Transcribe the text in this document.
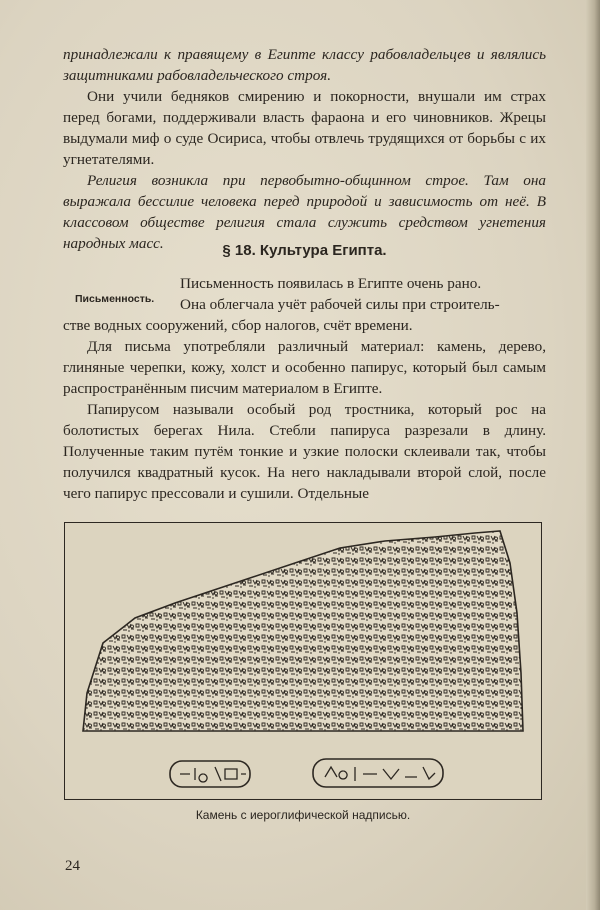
принадлежали к правящему в Египте классу рабовладельцев и являлись защитниками рабовладельческого строя.

Они учили бедняков смирению и покорности, внушали им страх перед богами, поддерживали власть фараона и его чиновников. Жрецы выдумали миф о суде Осириса, чтобы отвлечь трудящихся от борьбы с их угнетателями.

Религия возникла при первобытно-общинном строе. Там она выражала бессилие человека перед природой и зависимость от неё. В классовом обществе религия стала служить средством угнетения народных масс.	§ 18. Культура Египта.
Письменность.
Письменность появилась в Египте очень рано.
Она облегчала учёт рабочей силы при строитель-

стве водных сооружений, сбор налогов, счёт времени.

Для письма употребляли различный материал: камень, дерево, глиняные черепки, кожу, холст и особенно папирус, который был самым распространённым писчим материалом в Египте.

Папирусом называли особый род тростника, который рос на болотистых берегах Нила. Стебли папируса разрезали в длину. Полученные таким путём тонкие и узкие полоски склеивали так, чтобы получился квадратный кусок. На него накладывали второй слой, после чего папирус прессовали и сушили. Отдельные

Камень с иероглифической надписью.
24
